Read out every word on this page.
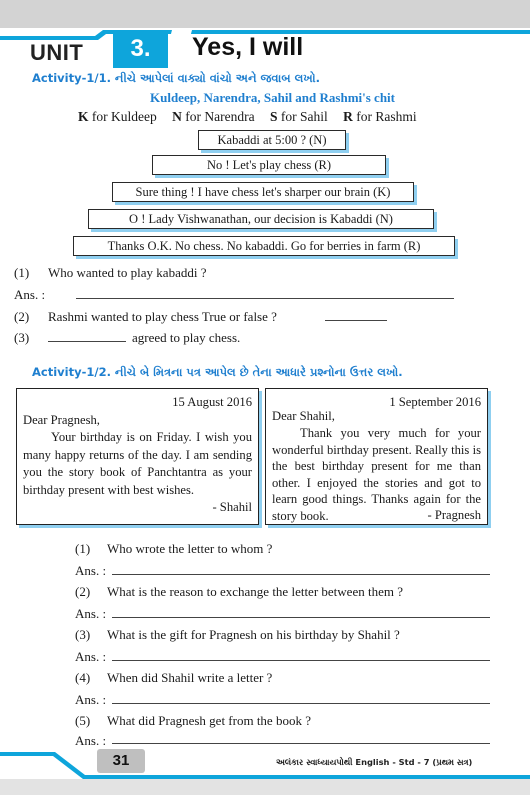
UNIT	3.	Yes, I will
Activity-1/1. નીચે આપેલાં વાક્યો વાંચો અને જવાબ લખો.
Kuldeep, Narendra, Sahil and Rashmi's chit
K for Kuldeep N for Narendra S for Sahil R for Rashmi
Kabaddi at 5:00 ? (N)
No ! Let's play chess (R)
Sure thing ! I have chess let's sharper our brain (K)
O ! Lady Vishwanathan, our decision is Kabaddi (N)
Thanks O.K. No chess. No kabaddi. Go for berries in farm (R)
(1) Who wanted to play kabaddi ?
Ans. :
(2) Rashmi wanted to play chess True or false ?
(3)	agreed to play chess.
Activity-1/2. નીચે બે મિત્રના પત્ર આપેલ છે તેના આધારે પ્રશ્નોના ઉત્તર લખો.
15 August 2016
Dear Pragnesh,
Your birthday is on Friday. I wish you many happy returns of the day. I am sending you the story book of Panchtantra as your birthday present with best wishes.
- Shahil
1 September 2016
Dear Shahil,
Thank you very much for your wonderful birthday present. Really this is the best birthday present for me than other. I enjoyed the stories and got to learn good things. Thanks again for the story book.	- Pragnesh
(1) Who wrote the letter to whom ?
Ans. :
(2) What is the reason to exchange the letter between them ?
Ans. :
(3) What is the gift for Pragnesh on his birthday by Shahil ?
Ans. :
(4) When did Shahil write a letter ?
Ans. :
(5) What did Pragnesh get from the book ?
Ans. :
31	અલંકાર સ્વાધ્યાયપોથી English - Std - 7 (પ્રથમ સત્ર)
